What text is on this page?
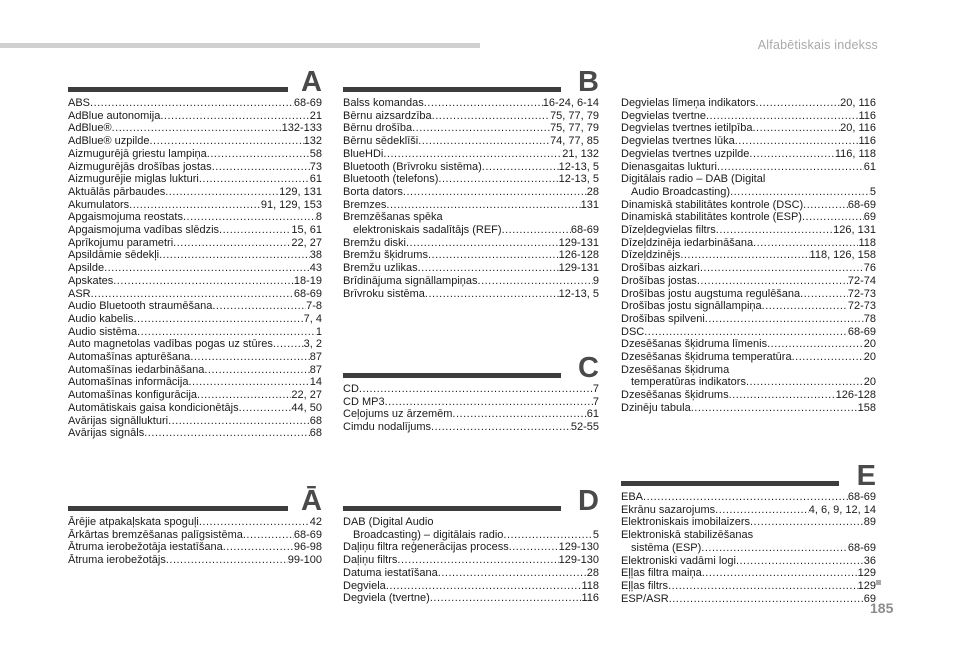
Alfabētiskais indekss
A
ABS .....	68-69
AdBlue autonomija .....	21
AdBlue® .....	132-133
AdBlue® uzpilde .....	132
Aizmugurējā griestu lampiņa .....	58
Aizmugurējās drošības jostas .....	73
Aizmugurējie miglas lukturi .....	61
Aktuālās pārbaudes .....	129, 131
Akumulators .....	91, 129, 153
Apgaismojuma reostats .....	8
Apgaismojuma vadības slēdzis .....	15, 61
Aprīkojumu parametri .....	22, 27
Apsildāmie sēdekļi .....	38
Apsilde .....	43
Apskates .....	18-19
ASR .....	68-69
Audio Bluetooth straumēšana .....	7-8
Audio kabelis .....	7, 4
Audio sistēma .....	1
Auto magnetolas vadības pogas uz stūres .....	3, 2
Automašīnas apturēšana .....	87
Automašīnas iedarbināšana .....	87
Automašīnas informācija .....	14
Automašīnas konfigurācija .....	22, 27
Automātiskais gaisa kondicionētājs .....	44, 50
Avārijas signāllukturi .....	68
Avārijas signāls .....	68
Ā
Ārējie atpakaļskata spoguļi .....	42
Ārkārtas bremzēšanas palīgsistēma .....	68-69
Ātruma ierobežotāja iestatīšana .....	96-98
Ātruma ierobežotājs .....	99-100
B
Balss komandas .....	16-24, 6-14
Bērnu aizsardzība .....	75, 77, 79
Bērnu drošība .....	75, 77, 79
Bērnu sēdeklīši .....	74, 77, 85
BlueHDi .....	21, 132
Bluetooth (Brīvroku sistēma) .....	12-13, 5
Bluetooth (telefons) .....	12-13, 5
Borta dators .....	28
Bremzes .....	131
Bremzēšanas spēka
elektroniskais sadalītājs (REF) .....	68-69
Bremžu diski .....	129-131
Bremžu šķidrums .....	126-128
Bremžu uzlikas .....	129-131
Brīdinājuma signāllampiņas .....	9
Brīvroku sistēma .....	12-13, 5
C
CD .....	7
CD MP3 .....	7
Ceļojums uz ārzemēm .....	61
Cimdu nodalījums .....	52-55
D
DAB (Digital Audio
Broadcasting) – digitālais radio .....	5
Daļiņu filtra reģenerācijas process .....	129-130
Daļiņu filtrs .....	129-130
Datuma iestatīšana .....	28
Degviela .....	118
Degviela (tvertne) .....	116
Degvielas līmeņa indikators .....	20, 116
Degvielas tvertne .....	116
Degvielas tvertnes ietilpība .....	20, 116
Degvielas tvertnes lūka .....	116
Degvielas tvertnes uzpilde .....	116, 118
Dienasgaitas lukturi .....	61
Digitālais radio – DAB (Digital
Audio Broadcasting) .....	5
Dinamiskā stabilitātes kontrole (DSC) .....	68-69
Dinamiskā stabilitātes kontrole (ESP) .....	69
Dīzeļdegvielas filtrs .....	126, 131
Dīzeļdzinēja iedarbināšana .....	118
Dīzeļdzinējs .....	118, 126, 158
Drošības aizkari .....	76
Drošības jostas .....	72-74
Drošības jostu augstuma regulēšana .....	72-73
Drošības jostu signāllampiņa .....	72-73
Drošības spilveni .....	78
DSC .....	68-69
Dzesēšanas šķidruma līmenis .....	20
Dzesēšanas šķidruma temperatūra .....	20
Dzesēšanas šķidruma
temperatūras indikators .....	20
Dzesēšanas šķidrums .....	126-128
Dzinēju tabula .....	158
E
EBA .....	68-69
Ekrānu sazarojums .....	4, 6, 9, 12, 14
Elektroniskais imobilaizers .....	89
Elektroniskā stabilizēšanas
sistēma (ESP) .....	68-69
Elektroniski vadāmi logi .....	36
Eļļas filtra maiņa .....	129
Eļļas filtrs .....	129
ESP/ASR .....	69
185
